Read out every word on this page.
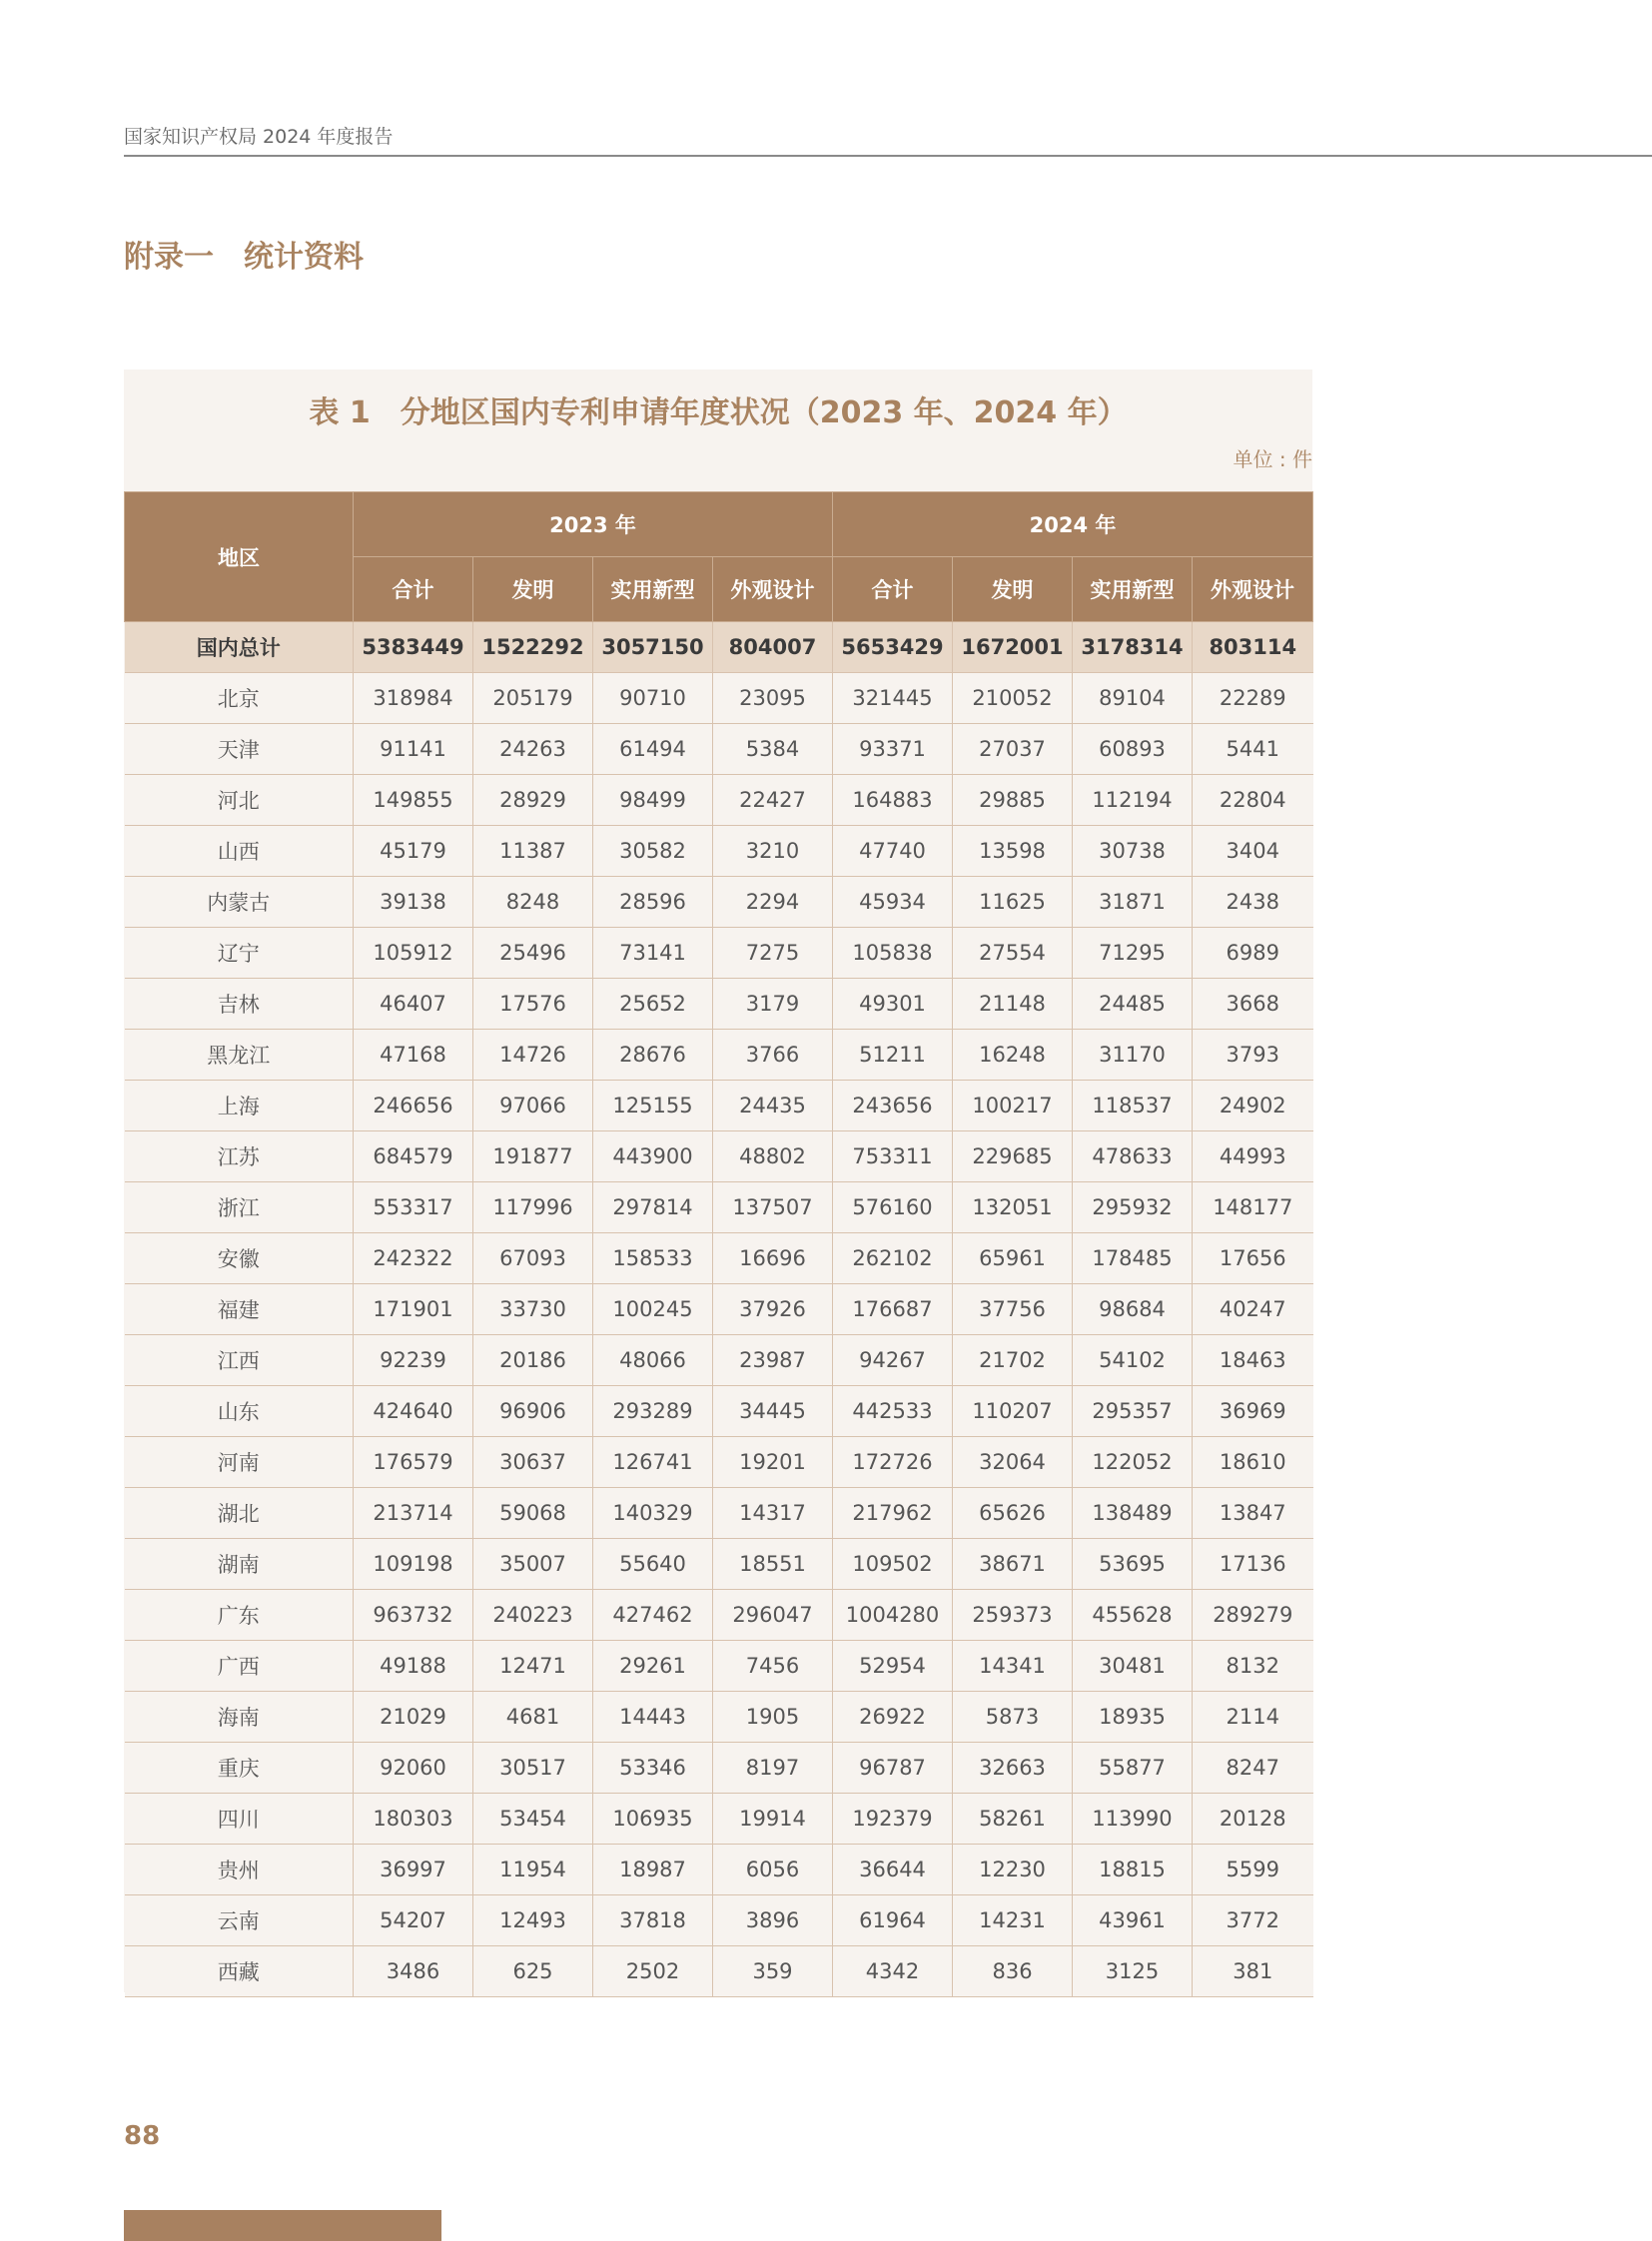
国家知识产权局 2024 年度报告
附录一　统计资料
表 1　分地区国内专利申请年度状况（2023 年、2024 年）
单位 : 件
地区	2023 年				2024 年			
	合计	发明	实用新型	外观设计	合计	发明	实用新型	外观设计
国内总计	5383449	1522292	3057150	804007	5653429	1672001	3178314	803114
北京	318984	205179	90710	23095	321445	210052	89104	22289
天津	91141	24263	61494	5384	93371	27037	60893	5441
河北	149855	28929	98499	22427	164883	29885	112194	22804
山西	45179	11387	30582	3210	47740	13598	30738	3404
内蒙古	39138	8248	28596	2294	45934	11625	31871	2438
辽宁	105912	25496	73141	7275	105838	27554	71295	6989
吉林	46407	17576	25652	3179	49301	21148	24485	3668
黑龙江	47168	14726	28676	3766	51211	16248	31170	3793
上海	246656	97066	125155	24435	243656	100217	118537	24902
江苏	684579	191877	443900	48802	753311	229685	478633	44993
浙江	553317	117996	297814	137507	576160	132051	295932	148177
安徽	242322	67093	158533	16696	262102	65961	178485	17656
福建	171901	33730	100245	37926	176687	37756	98684	40247
江西	92239	20186	48066	23987	94267	21702	54102	18463
山东	424640	96906	293289	34445	442533	110207	295357	36969
河南	176579	30637	126741	19201	172726	32064	122052	18610
湖北	213714	59068	140329	14317	217962	65626	138489	13847
湖南	109198	35007	55640	18551	109502	38671	53695	17136
广东	963732	240223	427462	296047	1004280	259373	455628	289279
广西	49188	12471	29261	7456	52954	14341	30481	8132
海南	21029	4681	14443	1905	26922	5873	18935	2114
重庆	92060	30517	53346	8197	96787	32663	55877	8247
四川	180303	53454	106935	19914	192379	58261	113990	20128
贵州	36997	11954	18987	6056	36644	12230	18815	5599
云南	54207	12493	37818	3896	61964	14231	43961	3772
西藏	3486	625	2502	359	4342	836	3125	381
88
